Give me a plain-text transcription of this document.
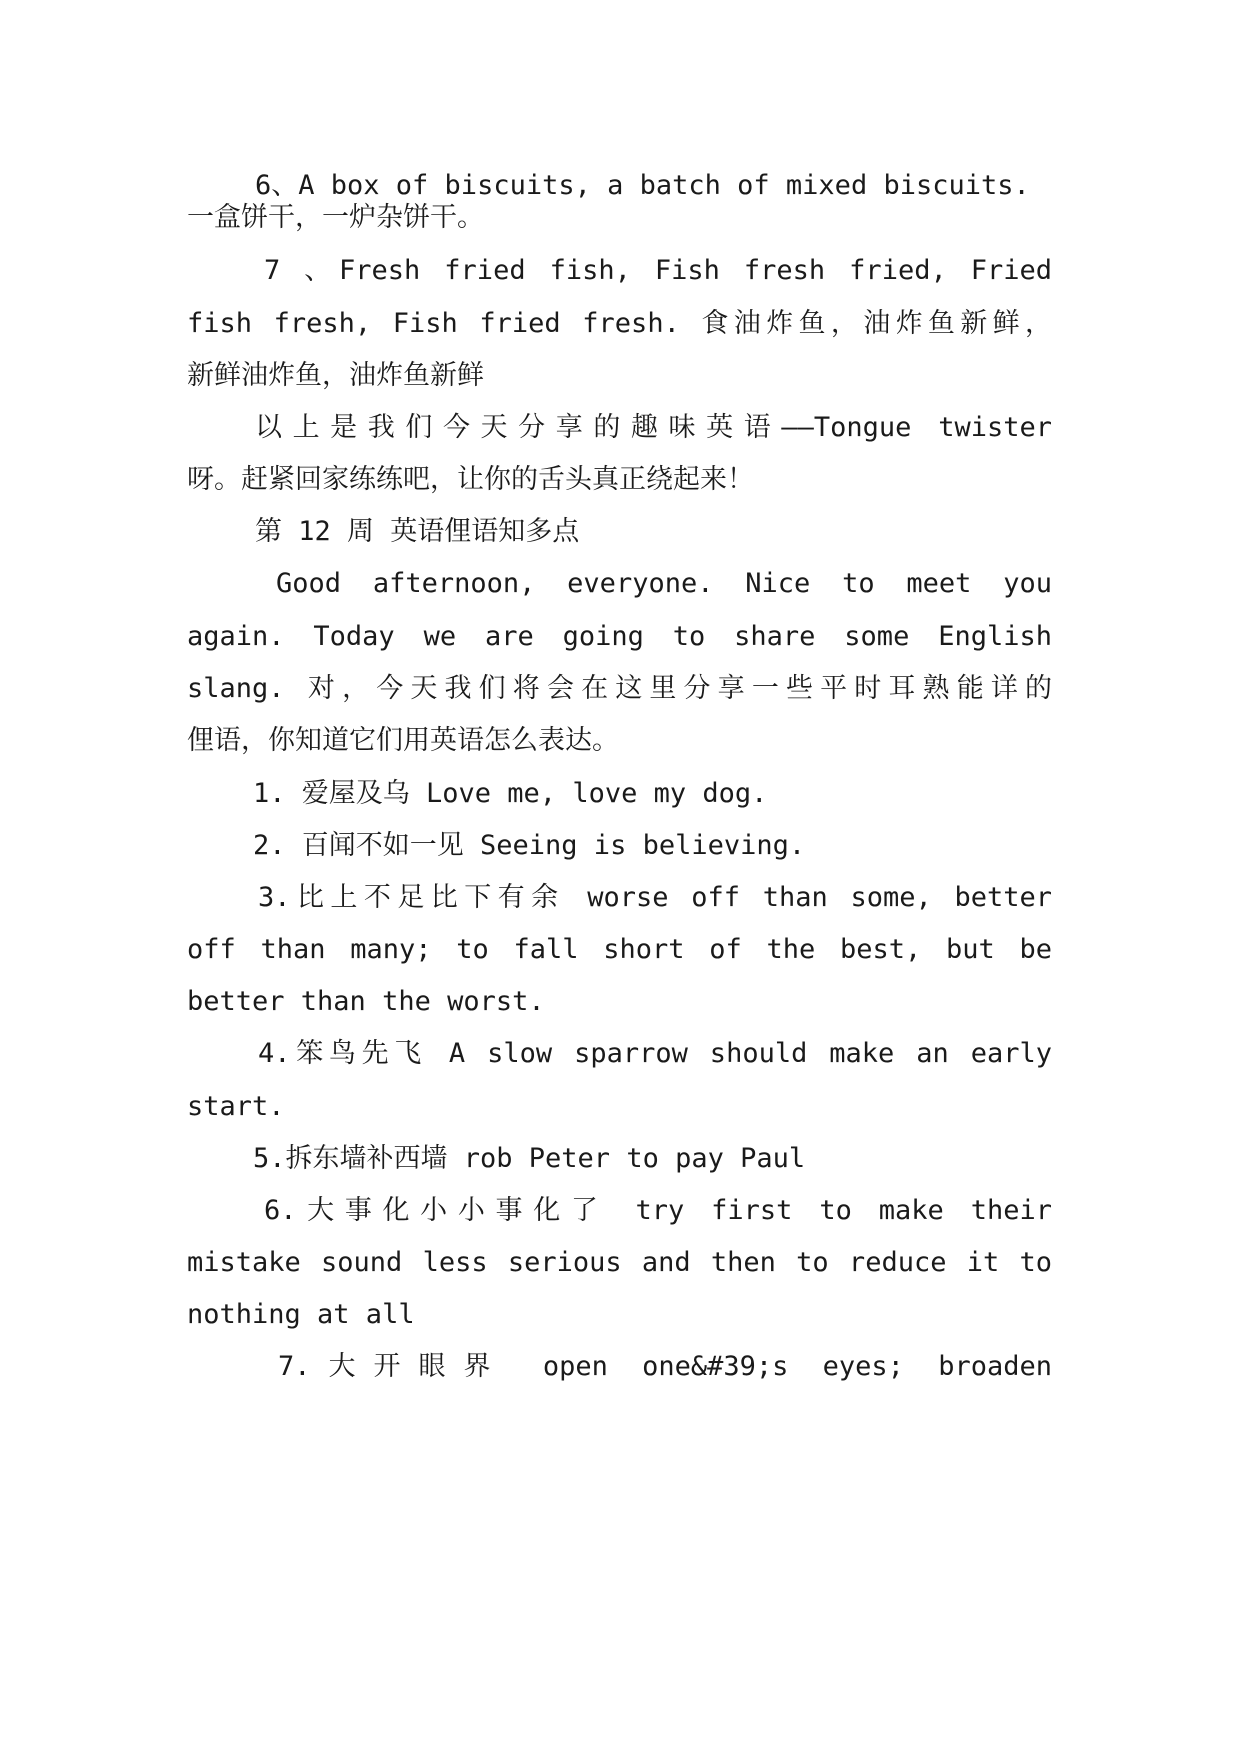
6、A box of biscuits, a batch of mixed biscuits.
一盒饼干，一炉杂饼干。
7 、Fresh fried fish, Fish fresh fried, Fried
fish fresh, Fish fried fresh. 食油炸鱼，油炸鱼新鲜，
新鲜油炸鱼，油炸鱼新鲜
以上是我们今天分享的趣味英语——Tongue twister
呀。赶紧回家练练吧，让你的舌头真正绕起来！
第 12 周 英语俚语知多点
Good afternoon, everyone. Nice to meet you
again. Today we are going to share some English
slang. 对，今天我们将会在这里分享一些平时耳熟能详的
俚语，你知道它们用英语怎么表达。
1. 爱屋及乌 Love me, love my dog.
2. 百闻不如一见 Seeing is believing.
3.比上不足比下有余 worse off than some, better
off than many; to fall short of the best, but be
better than the worst.
4.笨鸟先飞 A slow sparrow should make an early
start.
5.拆东墙补西墙 rob Peter to pay Paul
6.大事化小小事化了 try first to make their
mistake sound less serious and then to reduce it to
nothing at all
7.大开眼界 open one&#39;s eyes; broaden
